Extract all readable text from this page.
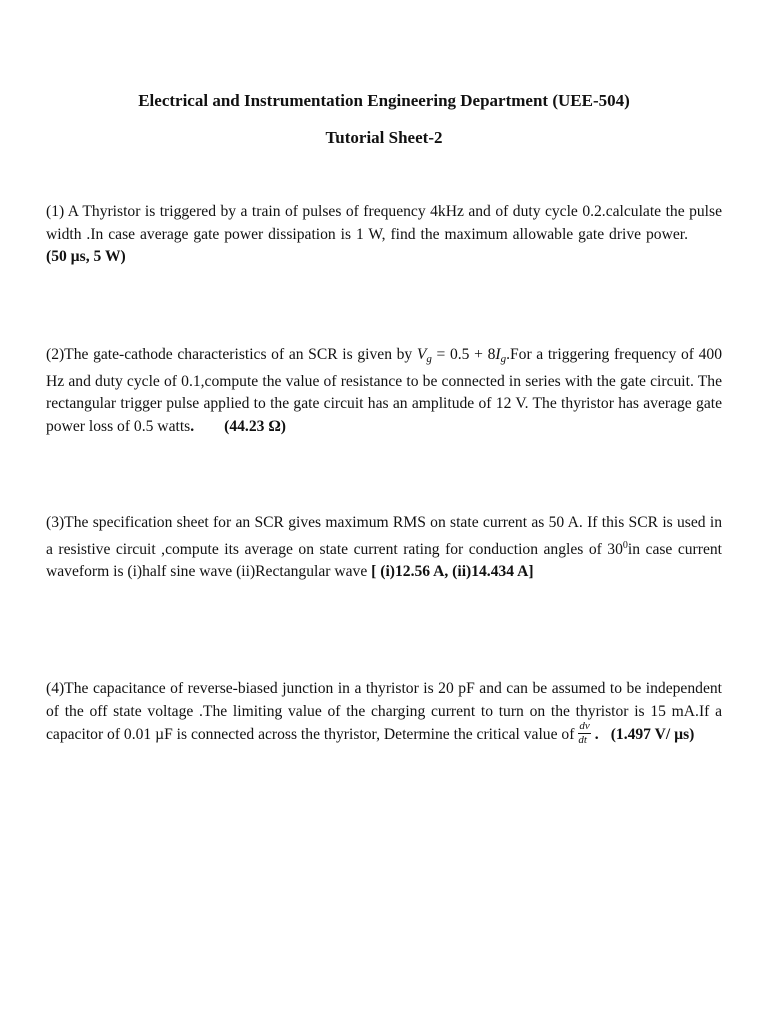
Electrical and Instrumentation Engineering Department (UEE-504)
Tutorial Sheet-2
(1) A Thyristor is triggered by a train of pulses of frequency 4kHz and of duty cycle 0.2.calculate the pulse width .In case average gate power dissipation is 1 W, find the maximum allowable gate drive power.(50 µs, 5 W)
(2)The gate-cathode characteristics of an SCR is given by $V_g = 0.5 + 8I_g.For$ a triggering frequency of 400 Hz and duty cycle of 0.1,compute the value of resistance to be connected in series with the gate circuit. The rectangular trigger pulse applied to the gate circuit has an amplitude of 12 V. The thyristor has average gate power loss of 0.5 watts. (44.23 Ω)
(3)The specification sheet for an SCR gives maximum RMS on state current as 50 A. If this SCR is used in a resistive circuit ,compute its average on state current rating for conduction angles of $30^0in$ case current waveform is (i)half sine wave (ii)Rectangular wave [ (i)12.56 A, (ii)14.434 A]
(4)The capacitance of reverse-biased junction in a thyristor is 20 pF and can be assumed to be independent of the off state voltage .The limiting value of the charging current to turn on the thyristor is 15 mA.If a capacitor of 0.01 µF is connected across the thyristor, Determine the critical value of $\frac{dv}{dt}$ . (1.497 V/ µs)
